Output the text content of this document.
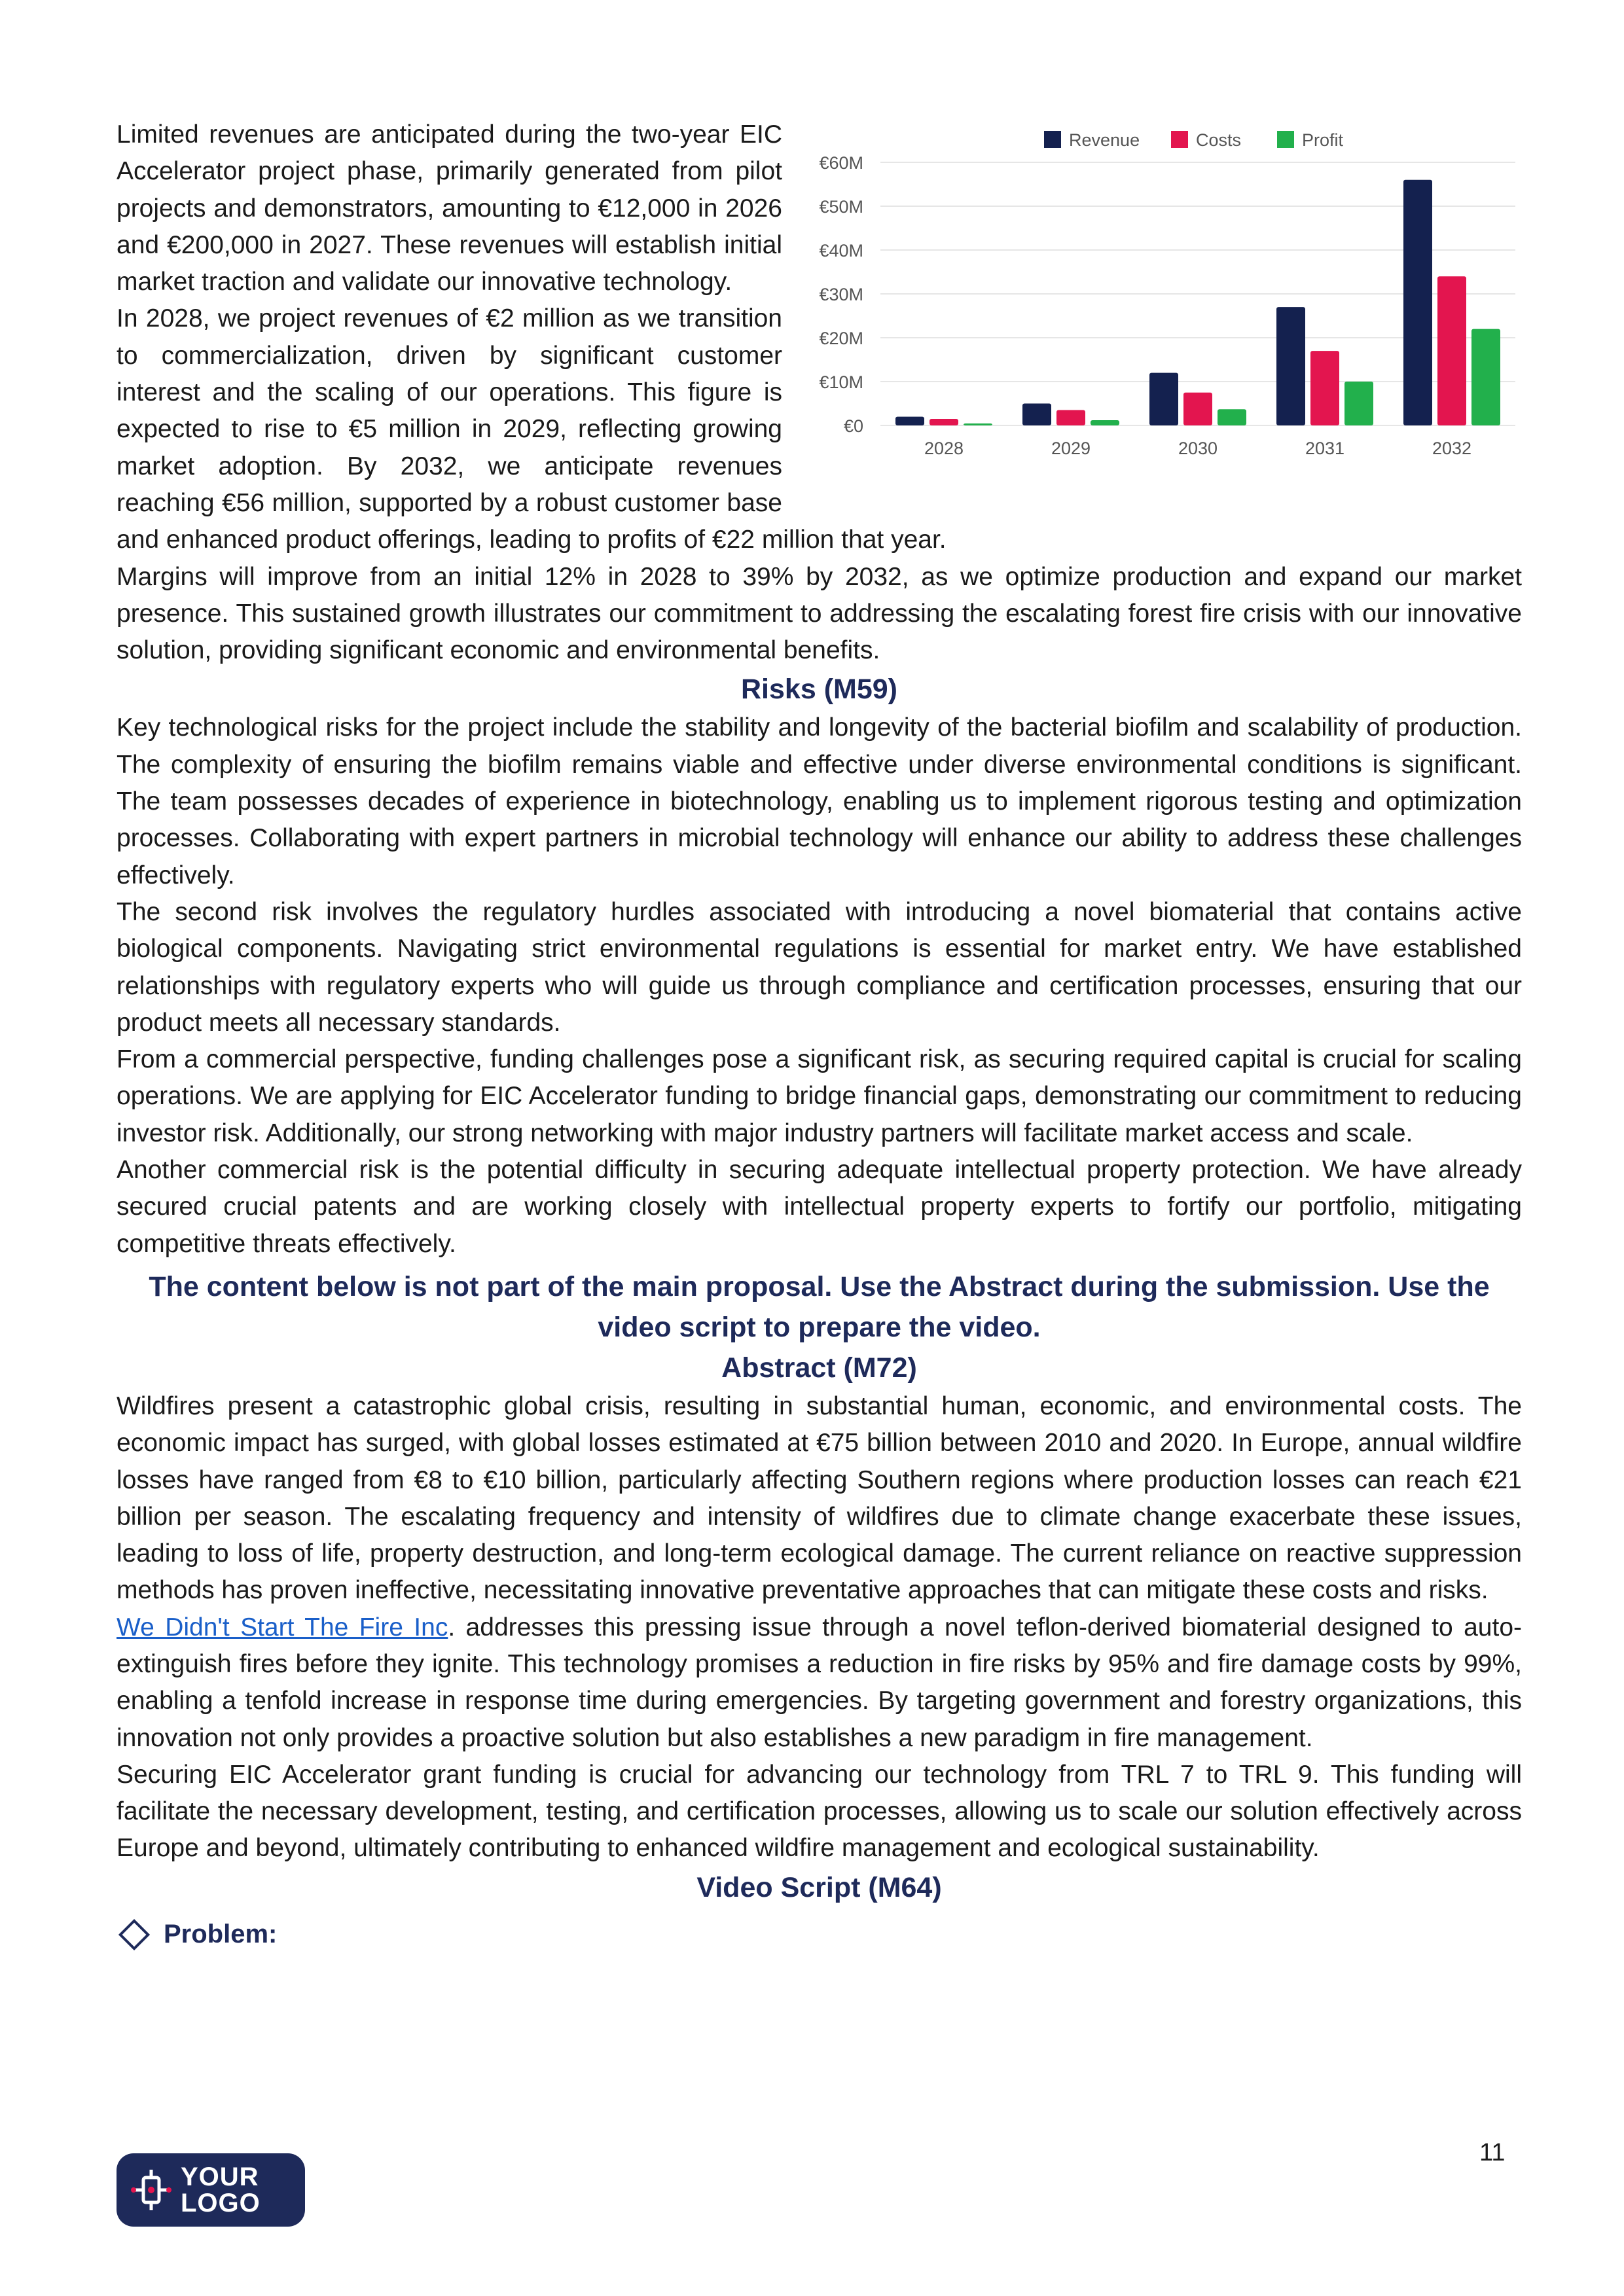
€0
€10M
€20M
€30M
€40M
€50M
€60M
2028	2029	2030	2031	2032
Revenue	Costs	Profit

Limited revenues are anticipated during the two-year EIC Accelerator project phase, primarily generated from pilot projects and demonstrators, amounting to €12,000 in 2026 and €200,000 in 2027. These revenues will establish initial market traction and validate our innovative technology.

In 2028, we project revenues of €2 million as we transition to commercialization, driven by significant customer interest and the scaling of our operations. This figure is expected to rise to €5 million in 2029, reflecting growing market adoption. By 2032, we anticipate revenues reaching €56 million, supported by a robust customer base and enhanced product offerings, leading to profits of €22 million that year.

Margins will improve from an initial 12% in 2028 to 39% by 2032, as we optimize production and expand our market presence. This sustained growth illustrates our commitment to addressing the escalating forest fire crisis with our innovative solution, providing significant economic and environmental benefits.

Risks (M59)

Key technological risks for the project include the stability and longevity of the bacterial biofilm and scalability of production. The complexity of ensuring the biofilm remains viable and effective under diverse environmental conditions is significant. The team possesses decades of experience in biotechnology, enabling us to implement rigorous testing and optimization processes. Collaborating with expert partners in microbial technology will enhance our ability to address these challenges effectively.

The second risk involves the regulatory hurdles associated with introducing a novel biomaterial that contains active biological components. Navigating strict environmental regulations is essential for market entry. We have established relationships with regulatory experts who will guide us through compliance and certification processes, ensuring that our product meets all necessary standards.

From a commercial perspective, funding challenges pose a significant risk, as securing required capital is crucial for scaling operations. We are applying for EIC Accelerator funding to bridge financial gaps, demonstrating our commitment to reducing investor risk. Additionally, our strong networking with major industry partners will facilitate market access and scale.

Another commercial risk is the potential difficulty in securing adequate intellectual property protection. We have already secured crucial patents and are working closely with intellectual property experts to fortify our portfolio, mitigating competitive threats effectively.

The content below is not part of the main proposal. Use the Abstract during the submission. Use the video script to prepare the video.
Abstract (M72)

Wildfires present a catastrophic global crisis, resulting in substantial human, economic, and environmental costs. The economic impact has surged, with global losses estimated at €75 billion between 2010 and 2020. In Europe, annual wildfire losses have ranged from €8 to €10 billion, particularly affecting Southern regions where production losses can reach €21 billion per season. The escalating frequency and intensity of wildfires due to climate change exacerbate these issues, leading to loss of life, property destruction, and long-term ecological damage. The current reliance on reactive suppression methods has proven ineffective, necessitating innovative preventative approaches that can mitigate these costs and risks.

We Didn't Start The Fire Inc. addresses this pressing issue through a novel teflon-derived biomaterial designed to auto-extinguish fires before they ignite. This technology promises a reduction in fire risks by 95% and fire damage costs by 99%, enabling a tenfold increase in response time during emergencies. By targeting government and forestry organizations, this innovation not only provides a proactive solution but also establishes a new paradigm in fire management.

Securing EIC Accelerator grant funding is crucial for advancing our technology from TRL 7 to TRL 9. This funding will facilitate the necessary development, testing, and certification processes, allowing us to scale our solution effectively across Europe and beyond, ultimately contributing to enhanced wildfire management and ecological sustainability.

Video Script (M64)
Problem:
YOUR
LOGO
11
